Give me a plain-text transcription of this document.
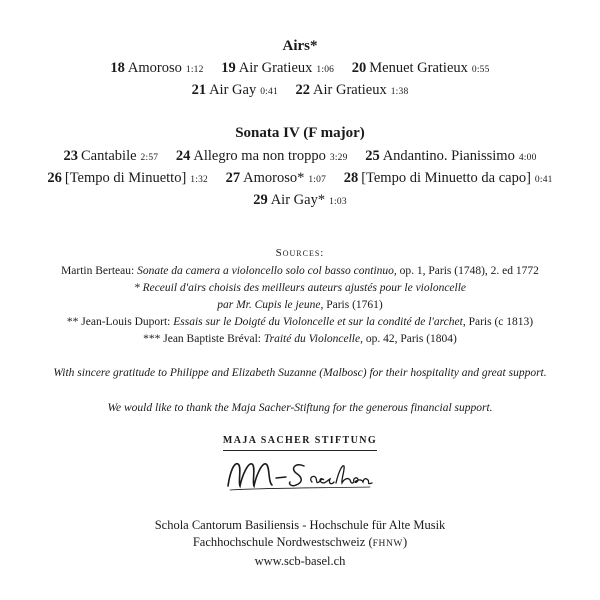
Airs*
18 Amoroso 1:12 19 Air Gratieux 1:06 20 Menuet Gratieux 0:55
21 Air Gay 0:41 22 Air Gratieux 1:38
Sonata IV (F major)
23 Cantabile 2:57 24 Allegro ma non troppo 3:29 25 Andantino. Pianissimo 4:00
26 [Tempo di Minuetto] 1:32 27 Amoroso* 1:07 28 [Tempo di Minuetto da capo] 0:41
29 Air Gay* 1:03
Sources:
Martin Berteau: Sonate da camera a violoncello solo col basso continuo, op. 1, Paris (1748), 2. ed 1772
* Receuil d'airs choisis des meilleurs auteurs ajustés pour le violoncelle
par Mr. Cupis le jeune, Paris (1761)
** Jean-Louis Duport: Essais sur le Doigté du Violoncelle et sur la condité de l'archet, Paris (c 1813)
*** Jean Baptiste Bréval: Traité du Violoncelle, op. 42, Paris (1804)
With sincere gratitude to Philippe and Elizabeth Suzanne (Malbosc) for their hospitality and great support.
We would like to thank the Maja Sacher-Stiftung for the generous financial support.
MAJA SACHER STIFTUNG
Schola Cantorum Basiliensis - Hochschule für Alte Musik
Fachhochschule Nordwestschweiz (FHNW)
www.scb-basel.ch
